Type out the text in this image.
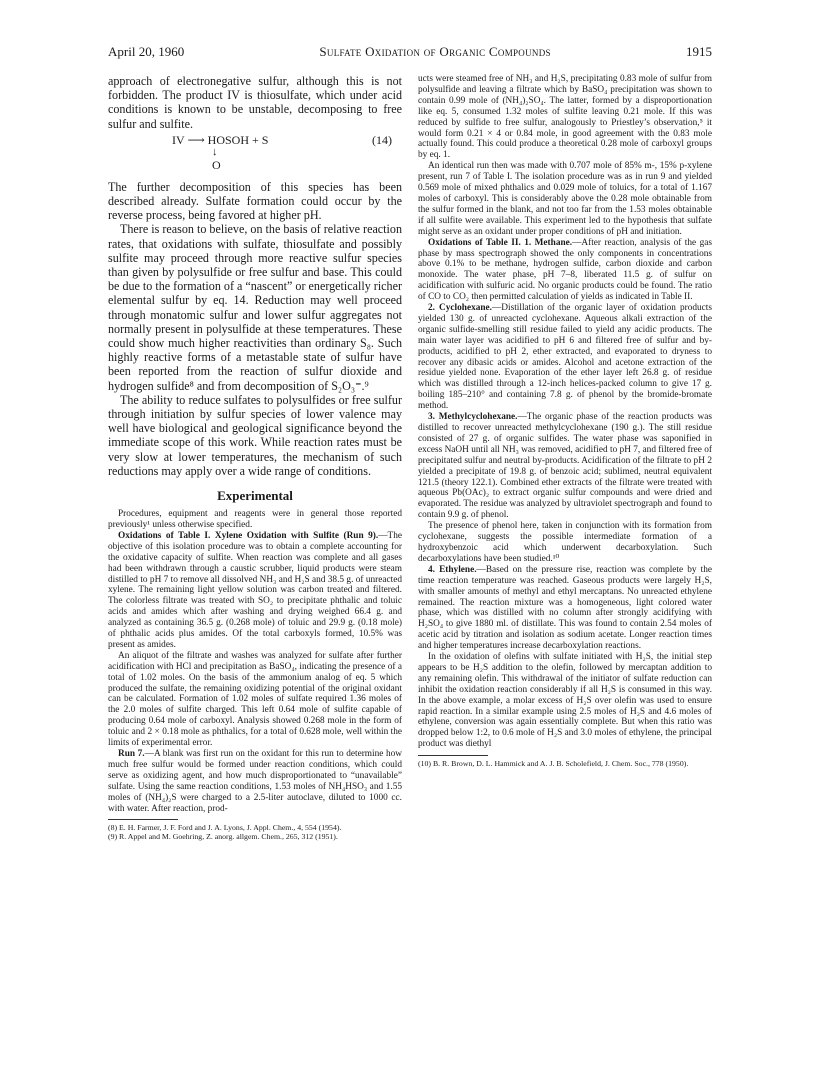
April 20, 1960	Sulfate Oxidation of Organic Compounds	1915

approach of electronegative sulfur, although this is not forbidden. The product IV is thiosulfate, which under acid conditions is known to be unstable, decomposing to free sulfur and sulfite.

IV ⟶ HOSOH + S
↓
O
(14)

The further decomposition of this species has been described already. Sulfate formation could occur by the reverse process, being favored at higher pH.

There is reason to believe, on the basis of relative reaction rates, that oxidations with sulfate, thiosulfate and possibly sulfite may proceed through more reactive sulfur species than given by polysulfide or free sulfur and base. This could be due to the formation of a “nascent” or energetically richer elemental sulfur by eq. 14. Reduction may well proceed through monatomic sulfur and lower sulfur aggregates not normally present in polysulfide at these temperatures. These could show much higher reactivities than ordinary S₈. Such highly reactive forms of a metastable state of sulfur have been reported from the reaction of sulfur dioxide and hydrogen sulfide⁸ and from decomposition of S₂O₃⁼.⁹

The ability to reduce sulfates to polysulfides or free sulfur through initiation by sulfur species of lower valence may well have biological and geological significance beyond the immediate scope of this work. While reaction rates must be very slow at lower temperatures, the mechanism of such reductions may apply over a wide range of conditions.

Experimental

Procedures, equipment and reagents were in general those reported previously¹ unless otherwise specified.

Oxidations of Table I. Xylene Oxidation with Sulfite (Run 9).—The objective of this isolation procedure was to obtain a complete accounting for the oxidative capacity of sulfite. When reaction was complete and all gases had been withdrawn through a caustic scrubber, liquid products were steam distilled to pH 7 to remove all dissolved NH₃ and H₂S and 38.5 g. of unreacted xylene. The remaining light yellow solution was carbon treated and filtered. The colorless filtrate was treated with SO₂ to precipitate phthalic and toluic acids and amides which after washing and drying weighed 66.4 g. and analyzed as containing 36.5 g. (0.268 mole) of toluic and 29.9 g. (0.18 mole) of phthalic acids plus amides. Of the total carboxyls formed, 10.5% was present as amides.

An aliquot of the filtrate and washes was analyzed for sulfate after further acidification with HCl and precipitation as BaSO₄, indicating the presence of a total of 1.02 moles. On the basis of the ammonium analog of eq. 5 which produced the sulfate, the remaining oxidizing potential of the original oxidant can be calculated. Formation of 1.02 moles of sulfate required 1.36 moles of the 2.0 moles of sulfite charged. This left 0.64 mole of sulfite capable of producing 0.64 mole of carboxyl. Analysis showed 0.268 mole in the form of toluic and 2 × 0.18 mole as phthalics, for a total of 0.628 mole, well within the limits of experimental error.

Run 7.—A blank was first run on the oxidant for this run to determine how much free sulfur would be formed under reaction conditions, which could serve as oxidizing agent, and how much disproportionated to “unavailable” sulfate. Using the same reaction conditions, 1.53 moles of NH₄HSO₃ and 1.55 moles of (NH₄)₂S were charged to a 2.5-liter autoclave, diluted to 1000 cc. with water. After reaction, prod-

(8) E. H. Farmer, J. F. Ford and J. A. Lyons, J. Appl. Chem., 4, 554 (1954).

(9) R. Appel and M. Goehring, Z. anorg. allgem. Chem., 265, 312 (1951).

ucts were steamed free of NH₃ and H₂S, precipitating 0.83 mole of sulfur from polysulfide and leaving a filtrate which by BaSO₄ precipitation was shown to contain 0.99 mole of (NH₄)₂SO₄. The latter, formed by a disproportionation like eq. 5, consumed 1.32 moles of sulfite leaving 0.21 mole. If this was reduced by sulfide to free sulfur, analogously to Priestley’s observation,⁵ it would form 0.21 × 4 or 0.84 mole, in good agreement with the 0.83 mole actually found. This could produce a theoretical 0.28 mole of carboxyl groups by eq. 1.

An identical run then was made with 0.707 mole of 85% m-, 15% p-xylene present, run 7 of Table I. The isolation procedure was as in run 9 and yielded 0.569 mole of mixed phthalics and 0.029 mole of toluics, for a total of 1.167 moles of carboxyl. This is considerably above the 0.28 mole obtainable from the sulfur formed in the blank, and not too far from the 1.53 moles obtainable if all sulfite were available. This experiment led to the hypothesis that sulfate might serve as an oxidant under proper conditions of pH and initiation.

Oxidations of Table II. 1. Methane.—After reaction, analysis of the gas phase by mass spectrograph showed the only components in concentrations above 0.1% to be methane, hydrogen sulfide, carbon dioxide and carbon monoxide. The water phase, pH 7–8, liberated 11.5 g. of sulfur on acidification with sulfuric acid. No organic products could be found. The ratio of CO to CO₂ then permitted calculation of yields as indicated in Table II.

2. Cyclohexane.—Distillation of the organic layer of oxidation products yielded 130 g. of unreacted cyclohexane. Aqueous alkali extraction of the organic sulfide-smelling still residue failed to yield any acidic products. The main water layer was acidified to pH 6 and filtered free of sulfur and by-products, acidified to pH 2, ether extracted, and evaporated to dryness to recover any dibasic acids or amides. Alcohol and acetone extraction of the residue yielded none. Evaporation of the ether layer left 26.8 g. of residue which was distilled through a 12-inch helices-packed column to give 17 g. boiling 185–210° and containing 7.8 g. of phenol by the bromide-bromate method.

3. Methylcyclohexane.—The organic phase of the reaction products was distilled to recover unreacted methylcyclohexane (190 g.). The still residue consisted of 27 g. of organic sulfides. The water phase was saponified in excess NaOH until all NH₃ was removed, acidified to pH 7, and filtered free of precipitated sulfur and neutral by-products. Acidification of the filtrate to pH 2 yielded a precipitate of 19.8 g. of benzoic acid; sublimed, neutral equivalent 121.5 (theory 122.1). Combined ether extracts of the filtrate were treated with aqueous Pb(OAc)₂ to extract organic sulfur compounds and were dried and evaporated. The residue was analyzed by ultraviolet spectrograph and found to contain 9.9 g. of phenol.

The presence of phenol here, taken in conjunction with its formation from cyclohexane, suggests the possible intermediate formation of a hydroxybenzoic acid which underwent decarboxylation. Such decarboxylations have been studied.¹⁰

4. Ethylene.—Based on the pressure rise, reaction was complete by the time reaction temperature was reached. Gaseous products were largely H₂S, with smaller amounts of methyl and ethyl mercaptans. No unreacted ethylene remained. The reaction mixture was a homogeneous, light colored water phase, which was distilled with no column after strongly acidifying with H₂SO₄ to give 1880 ml. of distillate. This was found to contain 2.54 moles of acetic acid by titration and isolation as sodium acetate. Longer reaction times and higher temperatures increase decarboxylation reactions.

In the oxidation of olefins with sulfate initiated with H₂S, the initial step appears to be H₂S addition to the olefin, followed by mercaptan addition to any remaining olefin. This withdrawal of the initiator of sulfate reduction can inhibit the oxidation reaction considerably if all H₂S is consumed in this way. In the above example, a molar excess of H₂S over olefin was used to ensure rapid reaction. In a similar example using 2.5 moles of H₂S and 4.6 moles of ethylene, conversion was again essentially complete. But when this ratio was dropped below 1:2, to 0.6 mole of H₂S and 3.0 moles of ethylene, the principal product was diethyl

(10) B. R. Brown, D. L. Hammick and A. J. B. Scholefield, J. Chem. Soc., 778 (1950).
